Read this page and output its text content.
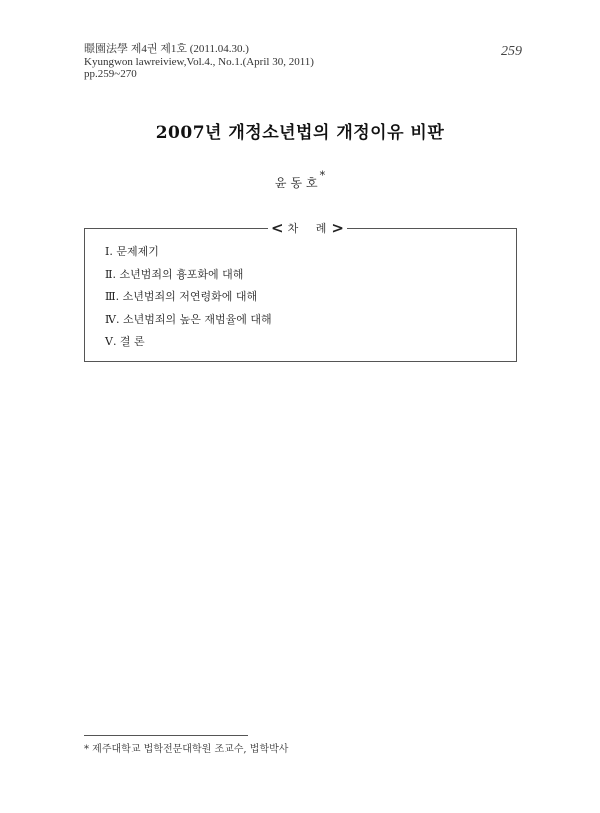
暻園法學 제4권 제1호 (2011.04.30.)
Kyungwon lawreiview,Vol.4., No.1.(April 30, 2011)
pp.259~270
259
2007년 개정소년법의 개정이유 비판
윤동호*
< 차 례>
Ⅰ. 문제제기
Ⅱ. 소년범죄의 흉포화에 대해
Ⅲ. 소년범죄의 저연령화에 대해
Ⅳ. 소년범죄의 높은 재범율에 대해
Ⅴ. 결 론
* 제주대학교 법학전문대학원 조교수, 법학박사
